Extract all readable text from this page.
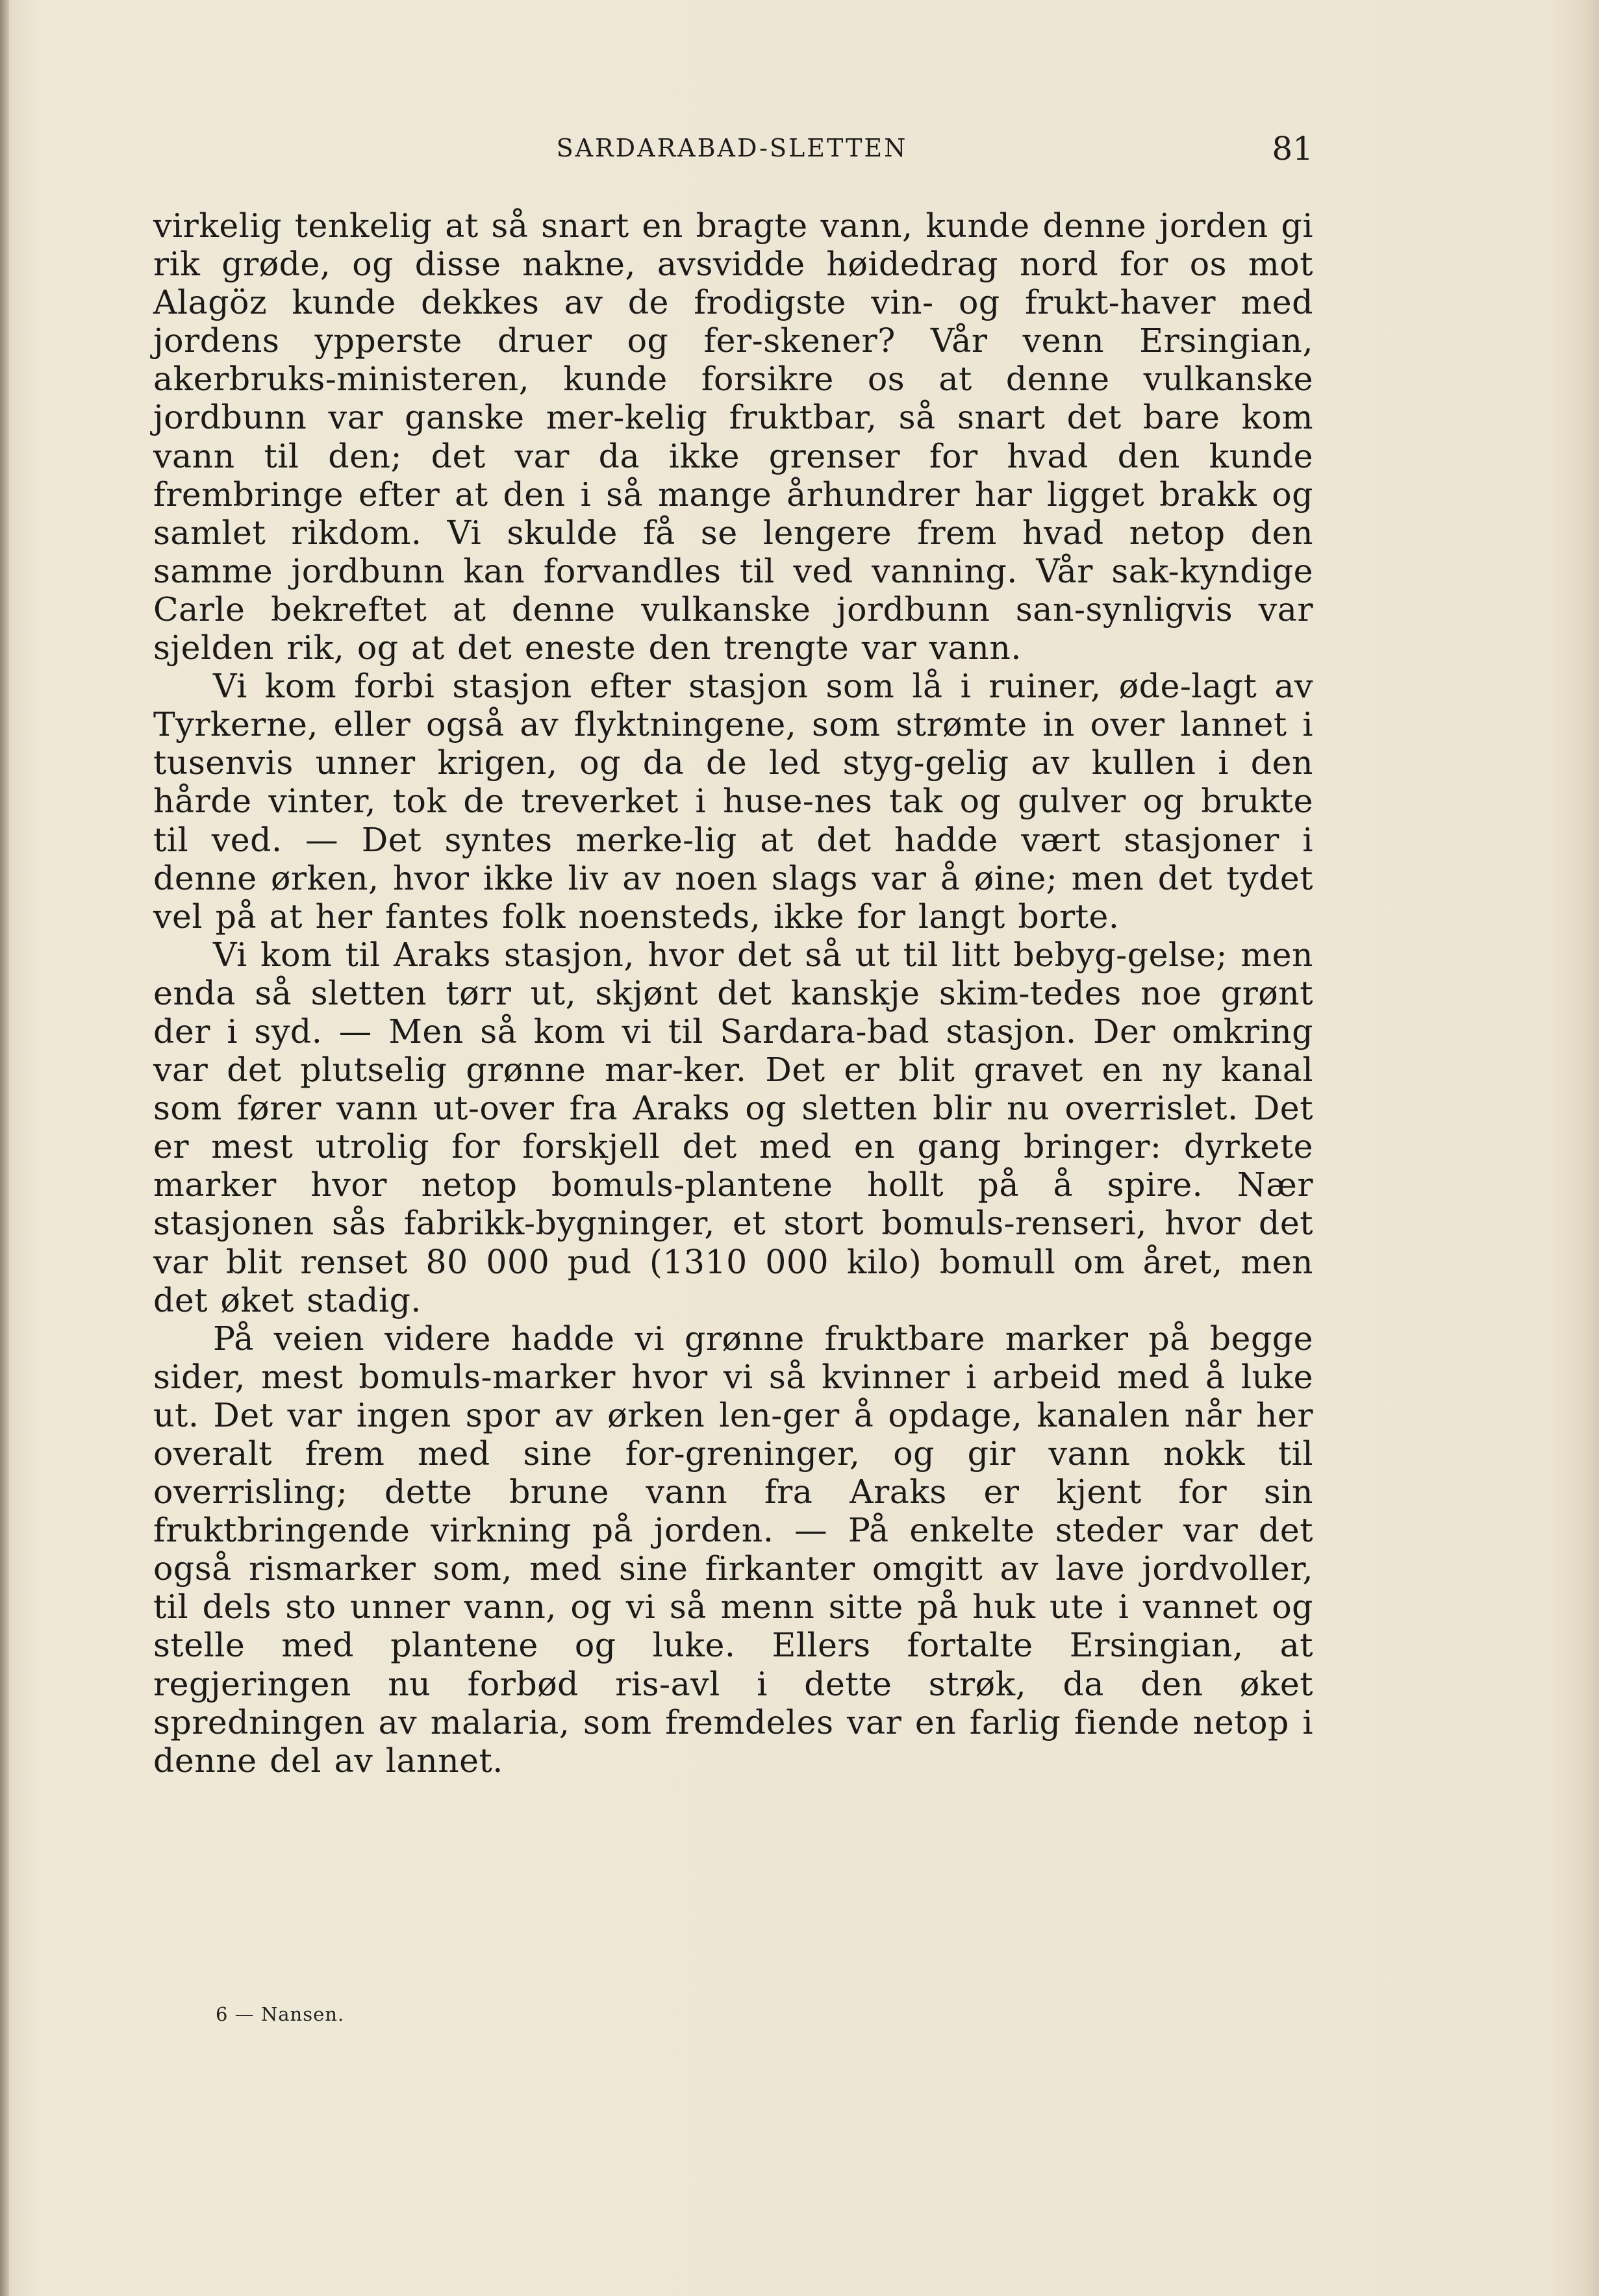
SARDARABAD-SLETTEN	81

virkelig tenkelig at så snart en bragte vann, kunde denne jorden gi rik grøde, og disse nakne, avsvidde høidedrag nord for os mot Alagöz kunde dekkes av de frodigste vin- og frukt-haver med jordens ypperste druer og fer-skener? Vår venn Ersingian, akerbruks-ministeren, kunde forsikre os at denne vulkanske jordbunn var ganske mer-kelig fruktbar, så snart det bare kom vann til den; det var da ikke grenser for hvad den kunde frembringe efter at den i så mange århundrer har ligget brakk og samlet rikdom. Vi skulde få se lengere frem hvad netop den samme jordbunn kan forvandles til ved vanning. Vår sak-kyndige Carle bekreftet at denne vulkanske jordbunn san-synligvis var sjelden rik, og at det eneste den trengte var vann.

Vi kom forbi stasjon efter stasjon som lå i ruiner, øde-lagt av Tyrkerne, eller også av flyktningene, som strømte in over lannet i tusenvis unner krigen, og da de led styg-gelig av kullen i den hårde vinter, tok de treverket i huse-nes tak og gulver og brukte til ved. — Det syntes merke-lig at det hadde vært stasjoner i denne ørken, hvor ikke liv av noen slags var å øine; men det tydet vel på at her fantes folk noensteds, ikke for langt borte.

Vi kom til Araks stasjon, hvor det så ut til litt bebyg-gelse; men enda så sletten tørr ut, skjønt det kanskje skim-tedes noe grønt der i syd. — Men så kom vi til Sardara-bad stasjon. Der omkring var det plutselig grønne mar-ker. Det er blit gravet en ny kanal som fører vann ut-over fra Araks og sletten blir nu overrislet. Det er mest utrolig for forskjell det med en gang bringer: dyrkete marker hvor netop bomuls-plantene hollt på å spire. Nær stasjonen sås fabrikk-bygninger, et stort bomuls-renseri, hvor det var blit renset 80 000 pud (1310 000 kilo) bomull om året, men det øket stadig.

På veien videre hadde vi grønne fruktbare marker på begge sider, mest bomuls-marker hvor vi så kvinner i arbeid med å luke ut. Det var ingen spor av ørken len-ger å opdage, kanalen når her overalt frem med sine for-greninger, og gir vann nokk til overrisling; dette brune vann fra Araks er kjent for sin fruktbringende virkning på jorden. — På enkelte steder var det også rismarker som, med sine firkanter omgitt av lave jordvoller, til dels sto unner vann, og vi så menn sitte på huk ute i vannet og stelle med plantene og luke. Ellers fortalte Ersingian, at regjeringen nu forbød ris-avl i dette strøk, da den øket spredningen av malaria, som fremdeles var en farlig fiende netop i denne del av lannet.

6 — Nansen.
